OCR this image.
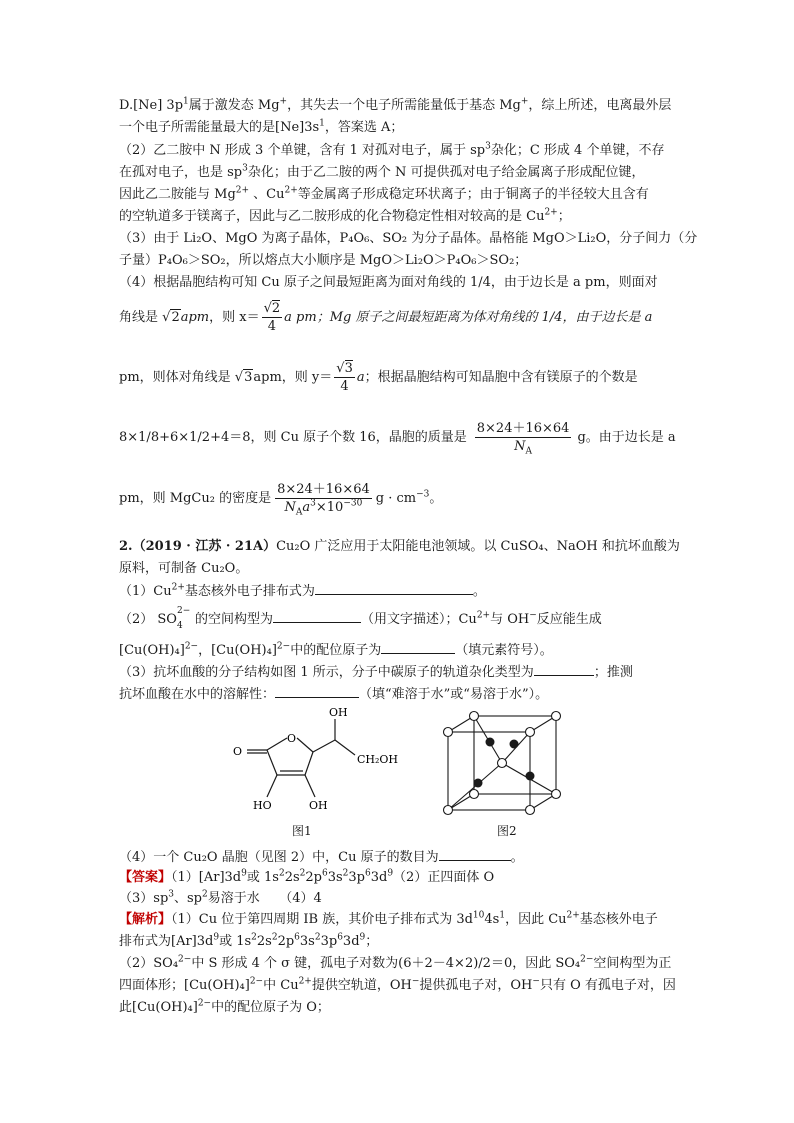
D.[Ne] $3p^1$属于激发态 Mg+，其失去一个电子所需能量低于基态 Mg+，综上所述，电离最外层
一个电子所需能量最大的是$[Ne]3s^1$，答案选 A；
（2）乙二胺中 N 形成 3 个单键，含有 1 对孤对电子，属于 $sp^3$杂化；C 形成 4 个单键，不存
在孤对电子，也是 $sp^3$杂化；由于乙二胺的两个 N 可提供孤对电子给金属离子形成配位键，
因此乙二胺能与 $Mg^{2+}$ 、$Cu^{2+}$等金属离子形成稳定环状离子；由于铜离子的半径较大且含有
的空轨道多于镁离子，因此与乙二胺形成的化合物稳定性相对较高的是 $Cu^{2+}$；
（3）由于 Li₂O、MgO 为离子晶体，P₄O₆、SO₂ 为分子晶体。晶格能 MgO＞Li₂O，分子间力（分
子量）P₄O₆＞SO₂，所以熔点大小顺序是 MgO＞Li₂O＞P₄O₆＞SO₂；
（4）根据晶胞结构可知 Cu 原子之间最短距离为面对角线的 1/4，由于边长是 a pm，则面对
角线是 √2apm，则 $x= \frac{√2}{4}$ a pm；Mg 原子之间最短距离为体对角线的 1/4，由于边长是 a
pm，则体对角线是 √3apm，则 $y= \frac{√3}{4}$ a；根据晶胞结构可知晶胞中含有镁原子的个数是
8×1/8+6×1/2+4＝8，则 Cu 原子个数 16，晶胞的质量是 $\frac{8\times 24+16\times 64}{N_A}$ g。由于边长是 a
pm，则 MgCu₂ 的密度是 $\frac{8\times 24+16\times 64}{N_Aa^3\times 10^{-30}}$ $g \cdot cm^{-3}$。
2.（2019 · 江苏 · 21A）Cu₂O 广泛应用于太阳能电池领域。以 CuSO₄、NaOH 和抗坏血酸为
原料，可制备 Cu₂O。
$(1)Cu^{2+}$基态核外电子排布式为	。
（2） SO
2−
4 的空间构型为	（用文字描述）；$Cu^{2+}$与 OH−反应能生成
$[Cu(OH)_4]^{2-}$，$[Cu(OH)_4]^{2-}$中的配位原子为	（填元素符号）。
（3）抗坏血酸的分子结构如图 1 所示，分子中碳原子的轨道杂化类型为	；推测
抗坏血酸在水中的溶解性：	（填“难溶于水”或“易溶于水”）。
O
O
HO	OH
OH
CH₂OH
图1	图2
（4）一个 Cu₂O 晶胞（见图 2）中，Cu 原子的数目为	。
【答案】$(1)[Ar]3d^9$或 $1s^22s^22p^63s^23p^63d^9(2)$正四面体 O
$(3)sp^3$、$sp^2$易溶于水　　（4）4
【解析】（1）Cu 位于第四周期 IB 族，其价电子排布式为 $3d^{10}4s^1$，因此 $Cu^{2+}$基态核外电子
排布式为$[Ar]3d^9$或 $1s^22s^22p^63s^23p^63d^9$；
（2）SO₄$^{2-}$中 S 形成 4 个 σ 键，孤电子对数为(6＋2－4×2)/2＝0，因此 SO₄$^{2-}$空间构型为正
四面体形；$[Cu(OH)_4]^{2-}$中 $Cu^{2+}$提供空轨道，OH−提供孤电子对，OH−只有 O 有孤电子对，因
此$[Cu(OH)_4]^{2-}$中的配位原子为 O；
